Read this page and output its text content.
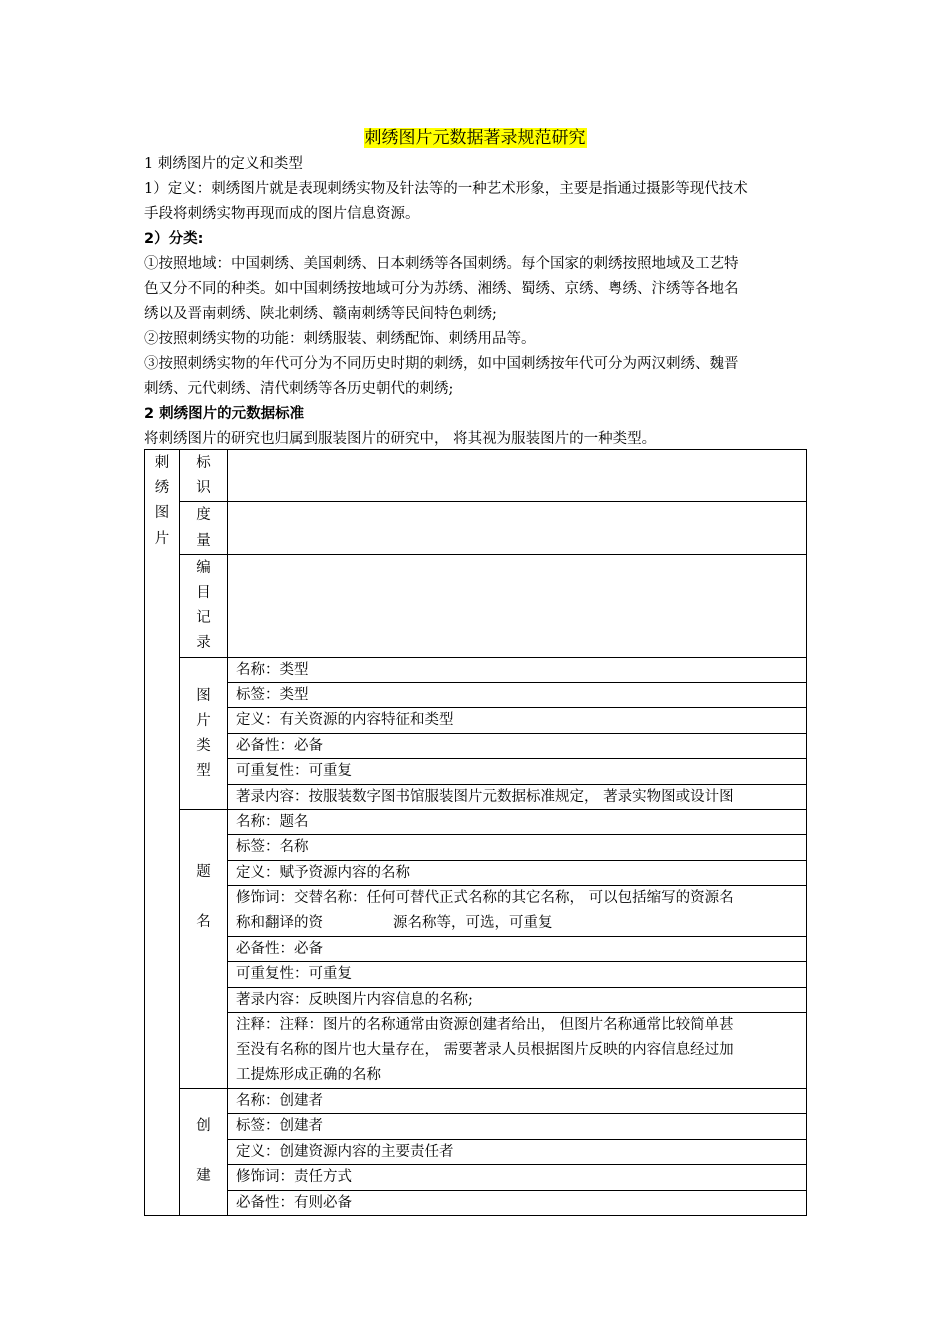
刺绣图片元数据著录规范研究
1 刺绣图片的定义和类型
1）定义：刺绣图片就是表现刺绣实物及针法等的一种艺术形象，主要是指通过摄影等现代技术
手段将刺绣实物再现而成的图片信息资源。
2）分类:
①按照地域：中国刺绣、美国刺绣、日本刺绣等各国刺绣。每个国家的刺绣按照地域及工艺特
色又分不同的种类。如中国刺绣按地域可分为苏绣、湘绣、蜀绣、京绣、粤绣、汴绣等各地名
绣以及晋南刺绣、陕北刺绣、赣南刺绣等民间特色刺绣;
②按照刺绣实物的功能：刺绣服装、刺绣配饰、刺绣用品等。
③按照刺绣实物的年代可分为不同历史时期的刺绣，如中国刺绣按年代可分为两汉刺绣、魏晋
刺绣、元代刺绣、清代刺绣等各历史朝代的刺绣;
2 刺绣图片的元数据标准
将刺绣图片的研究也归属到服装图片的研究中， 将其视为服装图片的一种类型。
刺绣图片	标识	

	度量	

	编目记录	

	图片类型	名称：类型
		标签：类型
		定义：有关资源的内容特征和类型
		必备性：必备
		可重复性：可重复
		著录内容：按服装数字图书馆服装图片元数据标准规定， 著录实物图或设计图

	题
名	名称：题名
		标签：名称
		定义：赋予资源内容的名称

		修饰词：交替名称：任何可替代正式名称的其它名称， 可以包括缩写的资源名
称和翻译的资 源名称等，可选，可重复

		必备性：必备
		可重复性：可重复
		著录内容：反映图片内容信息的名称;

		注释：注释：图片的名称通常由资源创建者给出， 但图片名称通常比较简单甚
至没有名称的图片也大量存在， 需要著录人员根据图片反映的内容信息经过加
工提炼形成正确的名称

	创
建	名称：创建者
		标签：创建者
		定义：创建资源内容的主要责任者
		修饰词：责任方式
		必备性：有则必备
